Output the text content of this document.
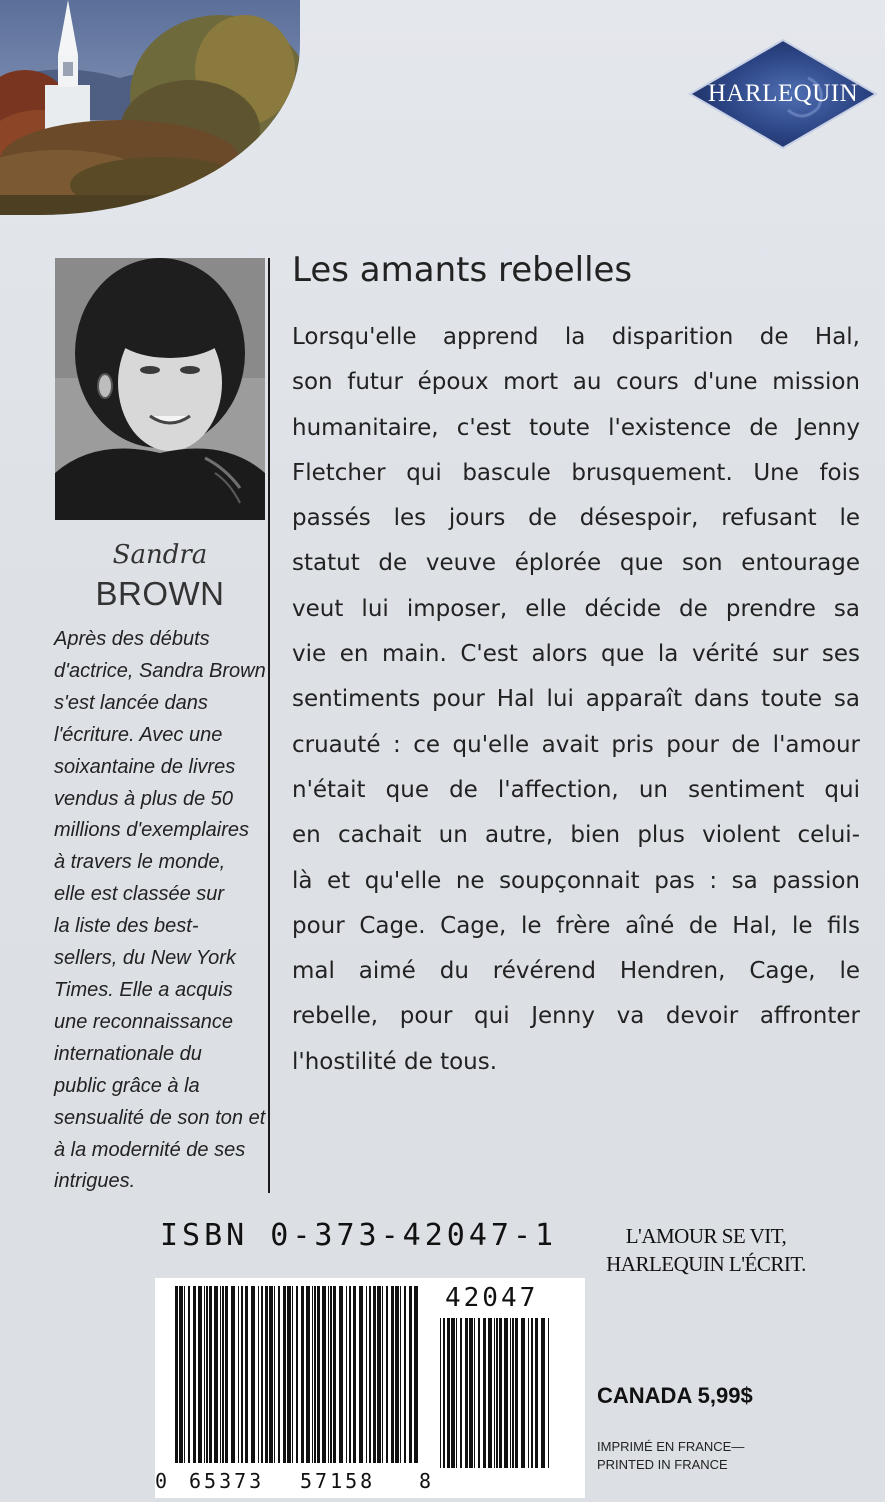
HARLEQUIN
Sandra
BROWN
Après des débuts
d'actrice, Sandra Brown
s'est lancée dans
l'écriture. Avec une
soixantaine de livres
vendus à plus de 50
millions d'exemplaires
à travers le monde,
elle est classée sur
la liste des best-
sellers, du New York
Times. Elle a acquis
une reconnaissance
internationale du
public grâce à la
sensualité de son ton et
à la modernité de ses
intrigues.
Les amants rebelles
Lorsqu'elle apprend la disparition de Hal,
son futur époux mort au cours d'une mission
humanitaire, c'est toute l'existence de Jenny
Fletcher qui bascule brusquement. Une fois
passés les jours de désespoir, refusant le
statut de veuve éplorée que son entourage
veut lui imposer, elle décide de prendre sa
vie en main. C'est alors que la vérité sur ses
sentiments pour Hal lui apparaît dans toute sa
cruauté : ce qu'elle avait pris pour de l'amour
n'était que de l'affection, un sentiment qui
en cachait un autre, bien plus violent celui-
là et qu'elle ne soupçonnait pas : sa passion
pour Cage. Cage, le frère aîné de Hal, le fils
mal aimé du révérend Hendren, Cage, le
rebelle, pour qui Jenny va devoir affronter
l'hostilité de tous.
ISBN 0-373-42047-1	L'AMOUR SE VIT,
HARLEQUIN L'ÉCRIT.
42047
0 65373 57158 8
CANADA 5,99$
IMPRIMÉ EN FRANCE—
PRINTED IN FRANCE
